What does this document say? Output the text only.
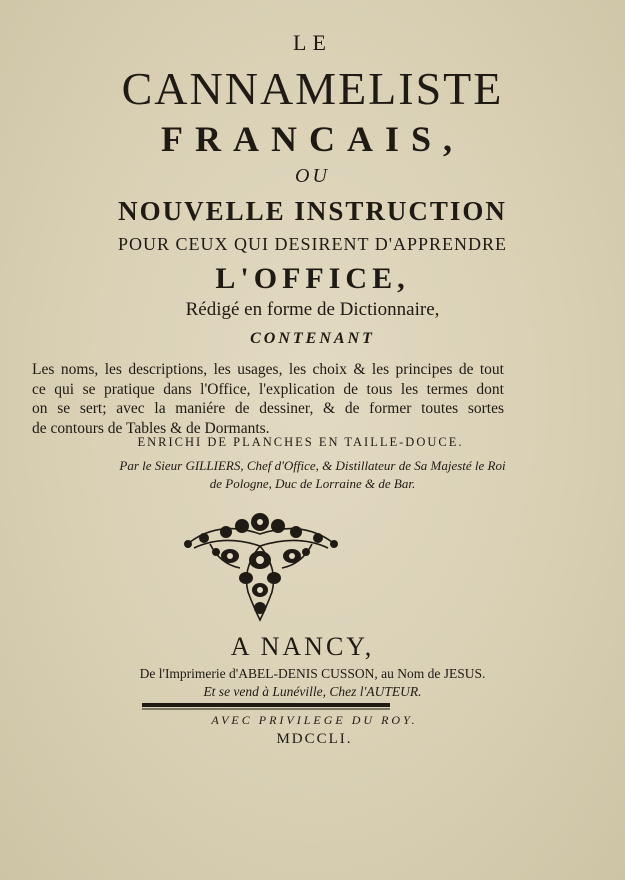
LE
CANNAMELISTE
FRANCAIS,
OU
NOUVELLE INSTRUCTION
POUR CEUX QUI DESIRENT D'APPRENDRE
L'OFFICE,
Rédigé en forme de Dictionnaire,
CONTENANT
Les noms, les descriptions, les usages, les choix & les principes de tout
ce qui se pratique dans l'Office, l'explication de tous les termes dont
on se sert; avec la maniére de dessiner, & de former toutes sortes
de contours de Tables & de Dormants.
ENRICHI DE PLANCHES EN TAILLE-DOUCE.
Par le Sieur GILLIERS, Chef d'Office, & Distillateur de Sa Majesté le Roi
de Pologne, Duc de Lorraine & de Bar.
A NANCY,
De l'Imprimerie d'ABEL-DENIS CUSSON, au Nom de JESUS.
Et se vend à Lunéville, Chez l'AUTEUR.
AVEC PRIVILEGE DU ROY.
MDCCLI.
